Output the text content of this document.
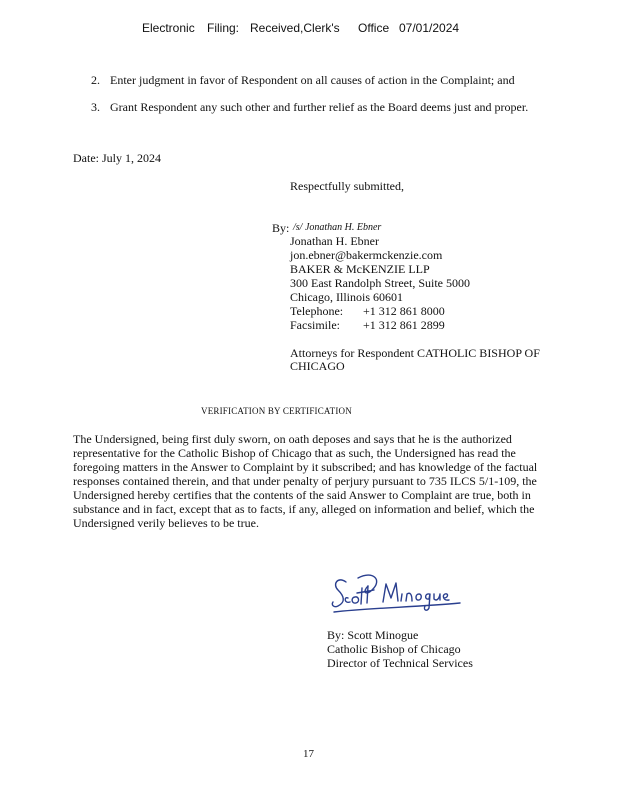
Electronic Filing: Received,Clerk's Office 07/01/2024
2. Enter judgment in favor of Respondent on all causes of action in the Complaint; and
3. Grant Respondent any such other and further relief as the Board deems just and proper.
Date: July 1, 2024
Respectfully submitted,
By: /s/ Jonathan H. Ebner
Jonathan H. Ebner
jon.ebner@bakermckenzie.com
BAKER & McKENZIE LLP
300 East Randolph Street, Suite 5000
Chicago, Illinois 60601
Telephone: +1 312 861 8000
Facsimile: +1 312 861 2899
Attorneys for Respondent CATHOLIC BISHOP OF
CHICAGO
VERIFICATION BY CERTIFICATION
The Undersigned, being first duly sworn, on oath deposes and says that he is the authorized
representative for the Catholic Bishop of Chicago that as such, the Undersigned has read the
foregoing matters in the Answer to Complaint by it subscribed; and has knowledge of the factual
responses contained therein, and that under penalty of perjury pursuant to 735 ILCS 5/1-109, the
Undersigned hereby certifies that the contents of the said Answer to Complaint are true, both in
substance and in fact, except that as to facts, if any, alleged on information and belief, which the
Undersigned verily believes to be true.
By: Scott Minogue
Catholic Bishop of Chicago
Director of Technical Services
17
